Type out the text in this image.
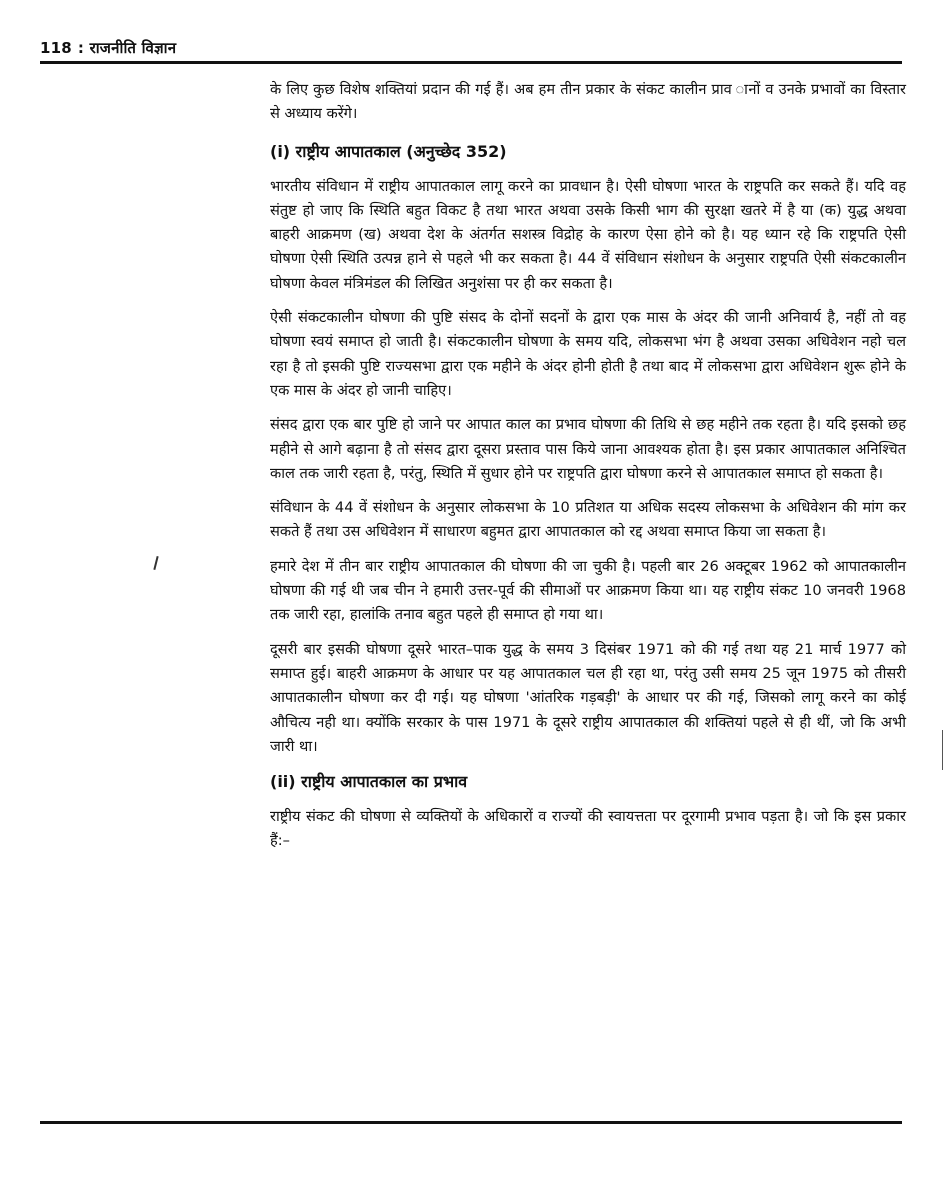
118 : राजनीति विज्ञान

के लिए कुछ विशेष शक्तियां प्रदान की गई हैं। अब हम तीन प्रकार के संकट कालीन प्राव ानों व उनके प्रभावों का विस्तार से अध्याय करेंगे।

(i) राष्ट्रीय आपातकाल (अनुच्छेद 352)

भारतीय संविधान में राष्ट्रीय आपातकाल लागू करने का प्रावधान है। ऐसी घोषणा भारत के राष्ट्रपति कर सकते हैं। यदि वह संतुष्ट हो जाए कि स्थिति बहुत विकट है तथा भारत अथवा उसके किसी भाग की सुरक्षा खतरे में है या (क) युद्ध अथवा बाहरी आक्रमण (ख) अथवा देश के अंतर्गत सशस्त्र विद्रोह के कारण ऐसा होने को है। यह ध्यान रहे कि राष्ट्रपति ऐसी घोषणा ऐसी स्थिति उत्पन्न हाने से पहले भी कर सकता है। 44 वें संविधान संशोधन के अनुसार राष्ट्रपति ऐसी संकटकालीन घोषणा केवल मंत्रिमंडल की लिखित अनुशंसा पर ही कर सकता है।

ऐसी संकटकालीन घोषणा की पुष्टि संसद के दोनों सदनों के द्वारा एक मास के अंदर की जानी अनिवार्य है, नहीं तो वह घोषणा स्वयं समाप्त हो जाती है। संकटकालीन घोषणा के समय यदि, लोकसभा भंग है अथवा उसका अधिवेशन नहो चल रहा है तो इसकी पुष्टि राज्यसभा द्वारा एक महीने के अंदर होनी होती है तथा बाद में लोकसभा द्वारा अधिवेशन शुरू होने के एक मास के अंदर हो जानी चाहिए।

संसद द्वारा एक बार पुष्टि हो जाने पर आपात काल का प्रभाव घोषणा की तिथि से छह महीने तक रहता है। यदि इसको छह महीने से आगे बढ़ाना है तो संसद द्वारा दूसरा प्रस्ताव पास किये जाना आवश्यक होता है। इस प्रकार आपातकाल अनिश्चित काल तक जारी रहता है, परंतु, स्थिति में सुधार होने पर राष्ट्रपति द्वारा घोषणा करने से आपातकाल समाप्त हो सकता है।

संविधान के 44 वें संशोधन के अनुसार लोकसभा के 10 प्रतिशत या अधिक सदस्य लोकसभा के अधिवेशन की मांग कर सकते हैं तथा उस अधिवेशन में साधारण बहुमत द्वारा आपातकाल को रद्द अथवा समाप्त किया जा सकता है।

हमारे देश में तीन बार राष्ट्रीय आपातकाल की घोषणा की जा चुकी है। पहली बार 26 अक्टूबर 1962 को आपातकालीन घोषणा की गई थी जब चीन ने हमारी उत्तर-पूर्व की सीमाओं पर आक्रमण किया था। यह राष्ट्रीय संकट 10 जनवरी 1968 तक जारी रहा, हालांकि तनाव बहुत पहले ही समाप्त हो गया था।

दूसरी बार इसकी घोषणा दूसरे भारत–पाक युद्ध के समय 3 दिसंबर 1971 को की गई तथा यह 21 मार्च 1977 को समाप्त हुई। बाहरी आक्रमण के आधार पर यह आपातकाल चल ही रहा था, परंतु उसी समय 25 जून 1975 को तीसरी आपातकालीन घोषणा कर दी गई। यह घोषणा 'आंतरिक गड़बड़ी' के आधार पर की गई, जिसको लागू करने का कोई औचित्य नही था। क्योंकि सरकार के पास 1971 के दूसरे राष्ट्रीय आपातकाल की शक्तियां पहले से ही थीं, जो कि अभी जारी था।

(ii) राष्ट्रीय आपातकाल का प्रभाव

राष्ट्रीय संकट की घोषणा से व्यक्तियों के अधिकारों व राज्यों की स्वायत्तता पर दूरगामी प्रभाव पड़ता है। जो कि इस प्रकार हैं:–
